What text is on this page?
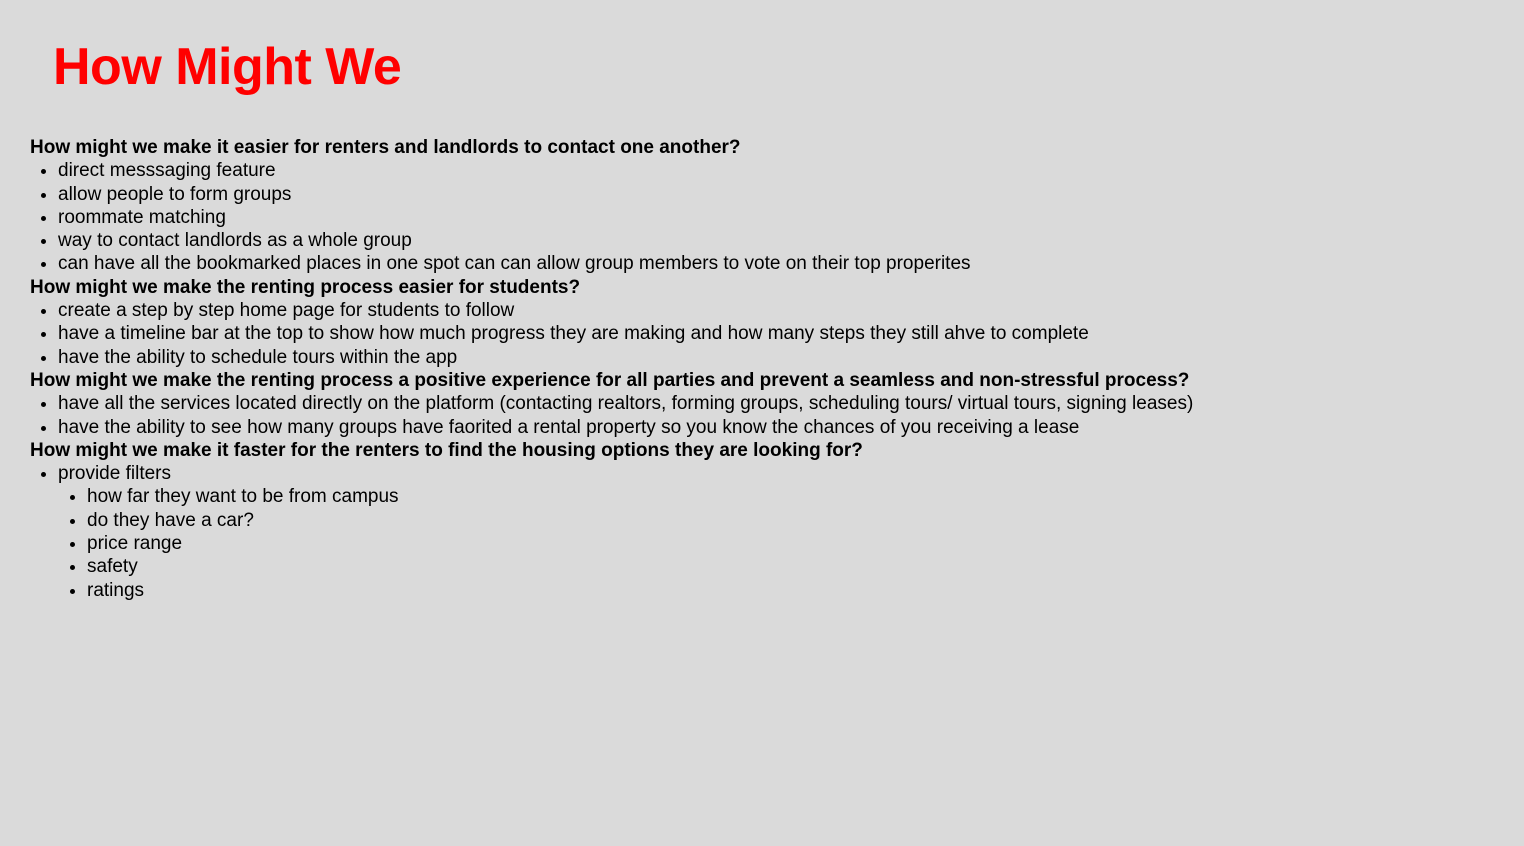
How Might We

How might we make it easier for renters and landlords to contact one another?

• direct messsaging feature
• allow people to form groups
• roommate matching
• way to contact landlords as a whole group
• can have all the bookmarked places in one spot can can allow group members to vote on their top properites

How might we make the renting process easier for students?

• create a step by step home page for students to follow
• have a timeline bar at the top to show how much progress they are making and how many steps they still ahve to complete
• have the ability to schedule tours within the app

How might we make the renting process a positive experience for all parties and prevent a seamless and non-stressful process?

• have all the services located directly on the platform (contacting realtors, forming groups, scheduling tours/ virtual tours, signing leases)
• have the ability to see how many groups have faorited a rental property so you know the chances of you receiving a lease

How might we make it faster for the renters to find the housing options they are looking for?

• provide filters
• how far they want to be from campus
• do they have a car?
• price range
• safety
• ratings
